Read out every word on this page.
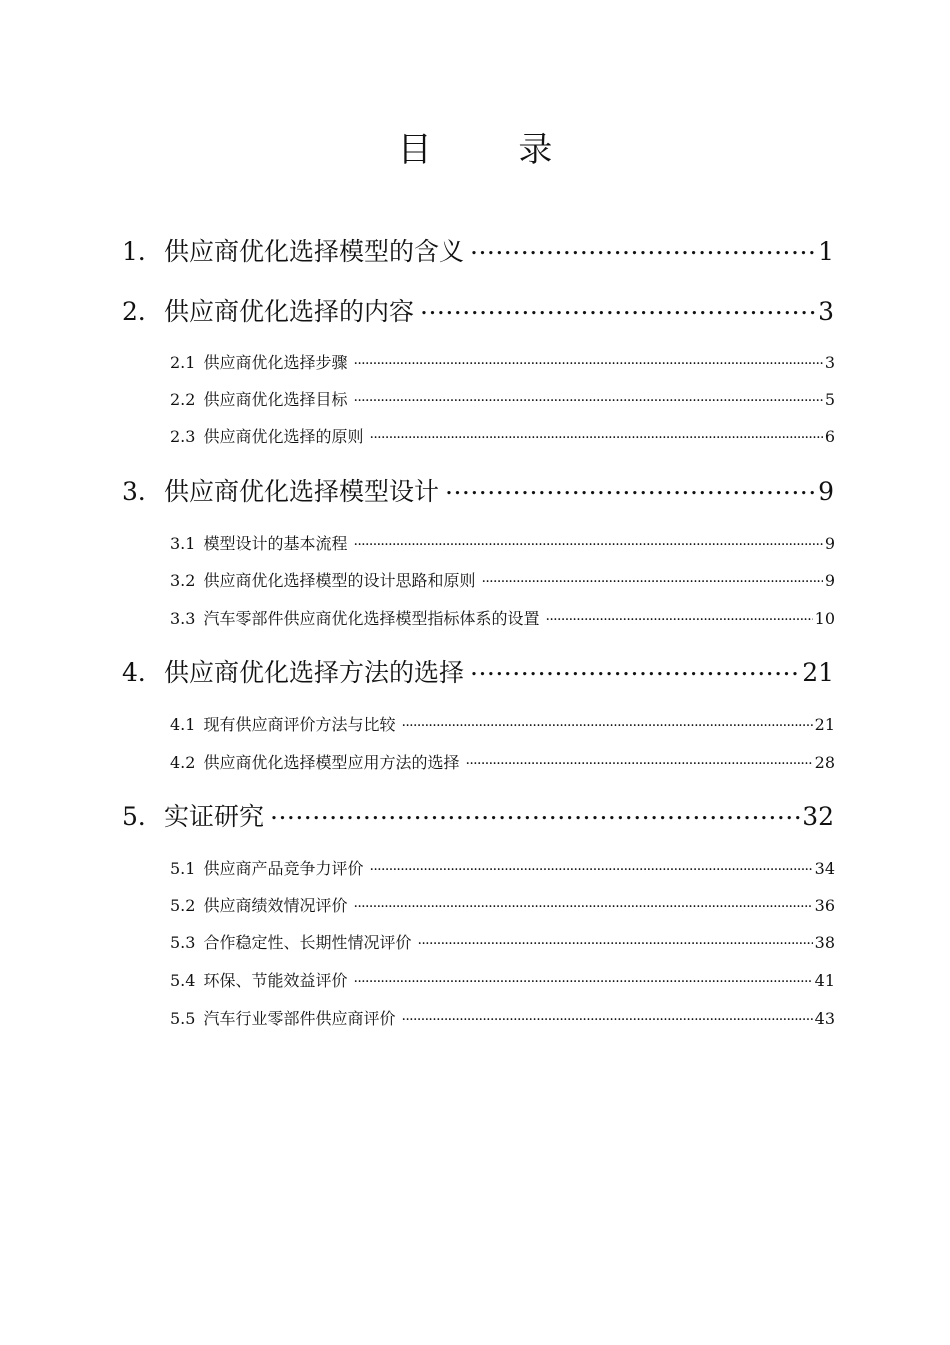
目 录
1． 供应商优化选择模型的含义 .....	1
2． 供应商优化选择的内容 .....	3
2.1 供应商优化选择步骤 .....	3
2.2 供应商优化选择目标 .....	5
2.3 供应商优化选择的原则 .....	6
3． 供应商优化选择模型设计 .....	9
3.1 模型设计的基本流程 .....	9
3.2 供应商优化选择模型的设计思路和原则 .....	9
3.3 汽车零部件供应商优化选择模型指标体系的设置 .....	10
4． 供应商优化选择方法的选择 .....	21
4.1 现有供应商评价方法与比较 .....	21
4.2 供应商优化选择模型应用方法的选择 .....	28
5． 实证研究 .....	32
5.1 供应商产品竞争力评价 .....	34
5.2 供应商绩效情况评价 .....	36
5.3 合作稳定性、长期性情况评价 .....	38
5.4 环保、节能效益评价 .....	41
5.5 汽车行业零部件供应商评价 .....	43
